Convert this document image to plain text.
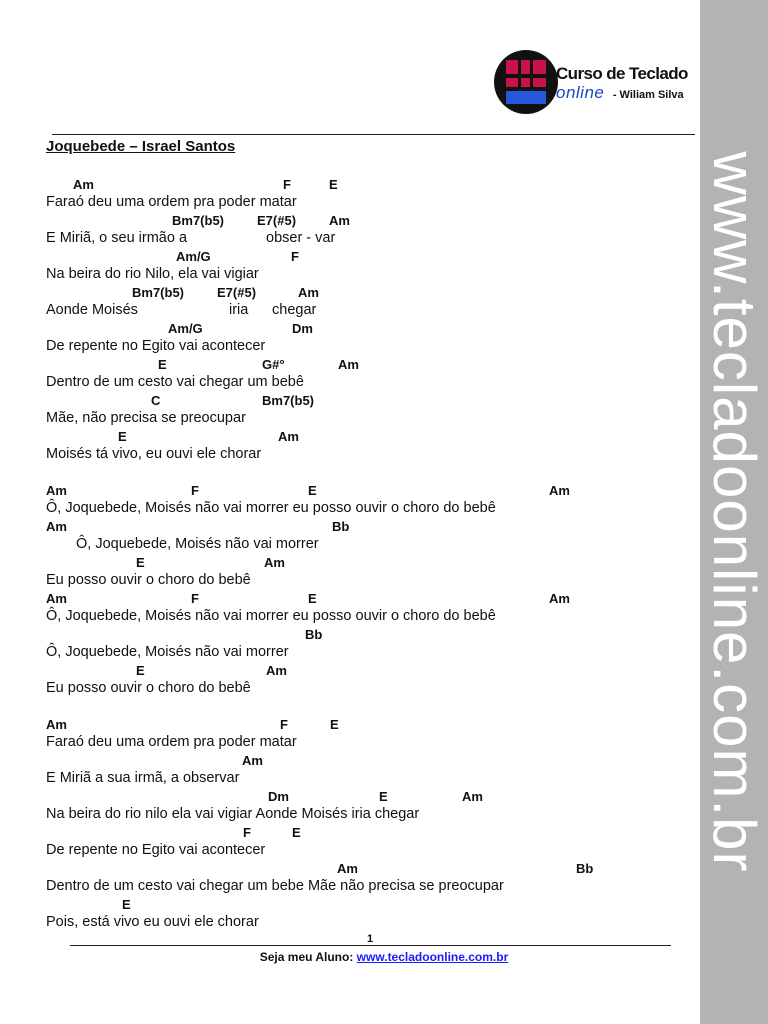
www.tecladoonline.com.br
Curso de Teclado
online - Wiliam Silva
Joquebede – Israel Santos
Am	F	E
Faraó deu uma ordem pra poder matar
Bm7(b5)	E7(#5)	Am
E Miriã, o seu irmão a	obser - var
Am/G	F
Na beira do rio Nilo, ela vai vigiar
Bm7(b5)	E7(#5)	Am
Aonde Moisés	iria chegar
Am/G	Dm
De repente no Egito vai acontecer
E	G#°	Am
Dentro de um cesto vai chegar um bebê
C	Bm7(b5)
Mãe, não precisa se preocupar
E	Am
Moisés tá vivo, eu ouvi ele chorar
Am	F	E	Am
Ô, Joquebede, Moisés não vai morrer eu posso ouvir o choro do bebê
Am	Bb
Ô, Joquebede, Moisés não vai morrer
E	Am
Eu posso ouvir o choro do bebê
Am	F	E	Am
Ô, Joquebede, Moisés não vai morrer eu posso ouvir o choro do bebê
Bb
Ô, Joquebede, Moisés não vai morrer
E	Am
Eu posso ouvir o choro do bebê
Am	F	E
Faraó deu uma ordem pra poder matar
Am
E Miriã a sua irmã, a observar
Dm	E	Am
Na beira do rio nilo ela vai vigiar Aonde Moisés iria chegar
F	E
De repente no Egito vai acontecer
Am	Bb
Dentro de um cesto vai chegar um bebe Mãe não precisa se preocupar
E
Pois, está vivo eu ouvi ele chorar
1
Seja meu Aluno: www.tecladoonline.com.br
